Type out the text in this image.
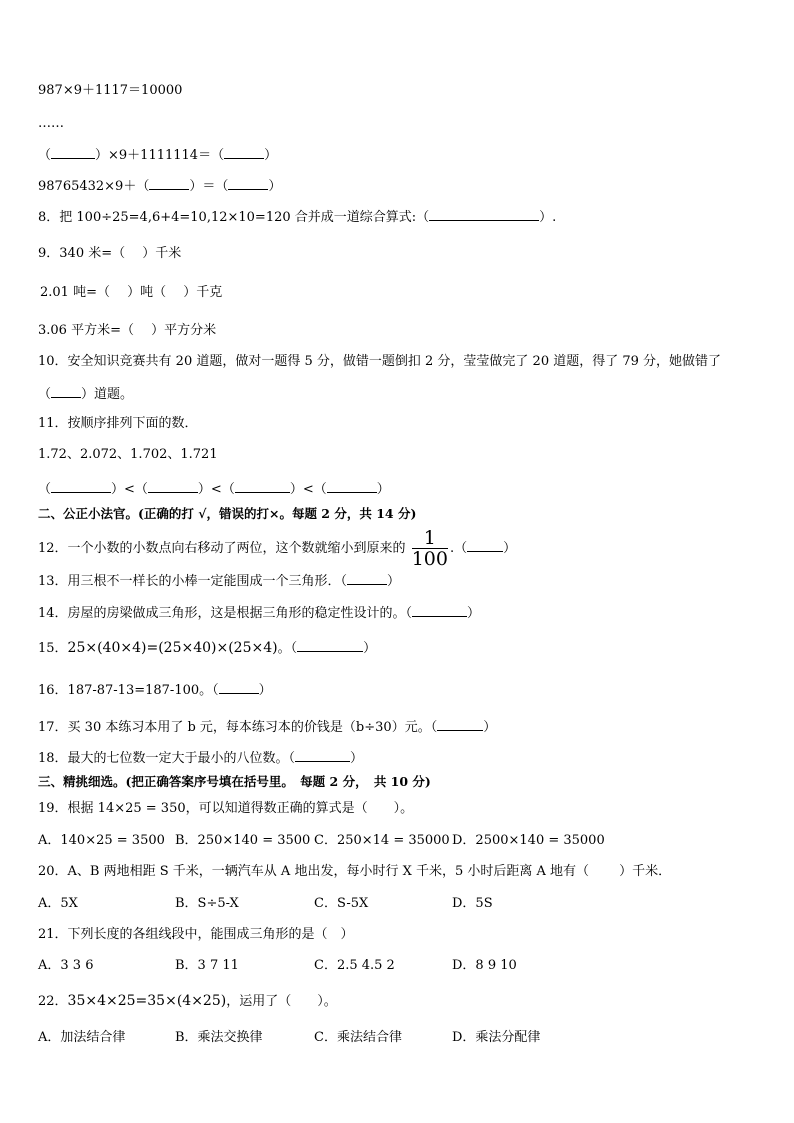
987×9＋1117＝10000
……
（	）×9＋1111114＝（	）
98765432×9＋（	）＝（	）
8．把 100÷25=4,6+4=10,12×10=120 合并成一道综合算式:（	）.
9．340 米=（　 ）千米
2.01 吨=（　 ）吨（　 ）千克
3.06 平方米=（　 ）平方分米
10．安全知识竞赛共有 20 道题，做对一题得 5 分，做错一题倒扣 2 分，莹莹做完了 20 道题，得了 79 分，她做错了
（ ）道题。
11．按顺序排列下面的数．
1.72、2.072、1.702、1.721
（	）<（	）<（	）<（	）
二、公正小法官。(正确的打 √，错误的打×。每题 2 分，共 14 分)
12．一个小数的小数点向右移动了两位，这个数就缩小到原来的 $\frac{1}{100}$ .（	）
13．用三根不一样长的小棒一定能围成一个三角形．（	）
14．房屋的房梁做成三角形，这是根据三角形的稳定性设计的。（	）
15．25×(40×4)=(25×40)×(25×4)。（	）
16．187-87-13=187-100。（	）
17．买 30 本练习本用了 b 元，每本练习本的价钱是（b÷30）元。（	）
18．最大的七位数一定大于最小的八位数。（	）
三、精挑细选。(把正确答案序号填在括号里。　每题 2 分，　共 10 分)
19．根据 14×25 = 350，可以知道得数正确的算式是（　　）。
A．140×25 = 3500 B．250×140 = 3500 C．250×14 = 35000 D．2500×140 = 35000
20．A、B 两地相距 S 千米，一辆汽车从 A 地出发，每小时行 X 千米，5 小时后距离 A 地有（　　 ）千米．
A．5X	B．S÷5-X	C．S-5X	D．5S
21．下列长度的各组线段中，能围成三角形的是（　）
A．3 3 6	B．3 7 11	C．2.5 4.5 2	D．8 9 10
22．35×4×25=35×(4×25)，运用了（　　）。
A．加法结合律	B．乘法交换律	C．乘法结合律	D．乘法分配律
